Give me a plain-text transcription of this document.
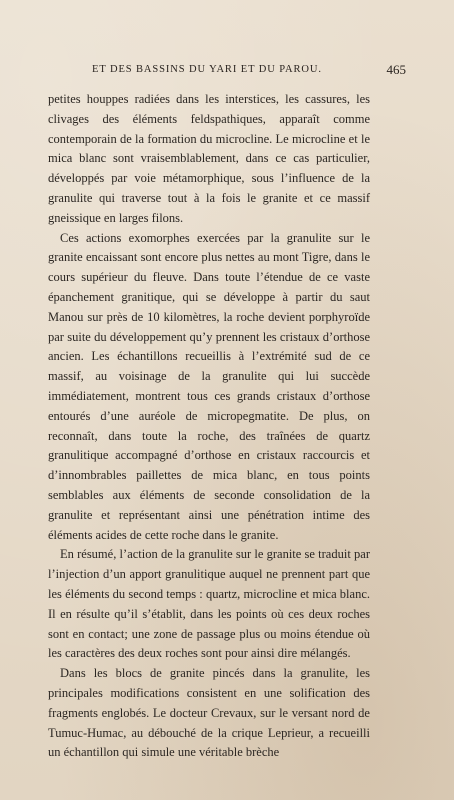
ET DES BASSINS DU YARI ET DU PAROU.	465

petites houppes radiées dans les interstices, les cassures, les clivages des éléments feldspathiques, apparaît comme contemporain de la formation du microcline. Le microcline et le mica blanc sont vraisemblablement, dans ce cas particulier, développés par voie métamorphique, sous l’influence de la granulite qui traverse tout à la fois le granite et ce massif gneissique en larges filons.

Ces actions exomorphes exercées par la granulite sur le granite encaissant sont encore plus nettes au mont Tigre, dans le cours supérieur du fleuve. Dans toute l’étendue de ce vaste épanchement granitique, qui se développe à partir du saut Manou sur près de 10 kilomètres, la roche devient porphyroïde par suite du développement qu’y prennent les cristaux d’orthose ancien. Les échantillons recueillis à l’extrémité sud de ce massif, au voisinage de la granulite qui lui succède immédiatement, montrent tous ces grands cristaux d’orthose entourés d’une auréole de micropegmatite. De plus, on reconnaît, dans toute la roche, des traînées de quartz granulitique accompagné d’orthose en cristaux raccourcis et d’innombrables paillettes de mica blanc, en tous points semblables aux éléments de seconde consolidation de la granulite et représentant ainsi une pénétration intime des éléments acides de cette roche dans le granite.

En résumé, l’action de la granulite sur le granite se traduit par l’injection d’un apport granulitique auquel ne prennent part que les éléments du second temps : quartz, microcline et mica blanc. Il en résulte qu’il s’établit, dans les points où ces deux roches sont en contact; une zone de passage plus ou moins étendue où les caractères des deux roches sont pour ainsi dire mélangés.

Dans les blocs de granite pincés dans la granulite, les principales modifications consistent en une solification des fragments englobés. Le docteur Crevaux, sur le versant nord de Tumuc-Humac, au débouché de la crique Leprieur, a recueilli un échantillon qui simule une véritable brèche
